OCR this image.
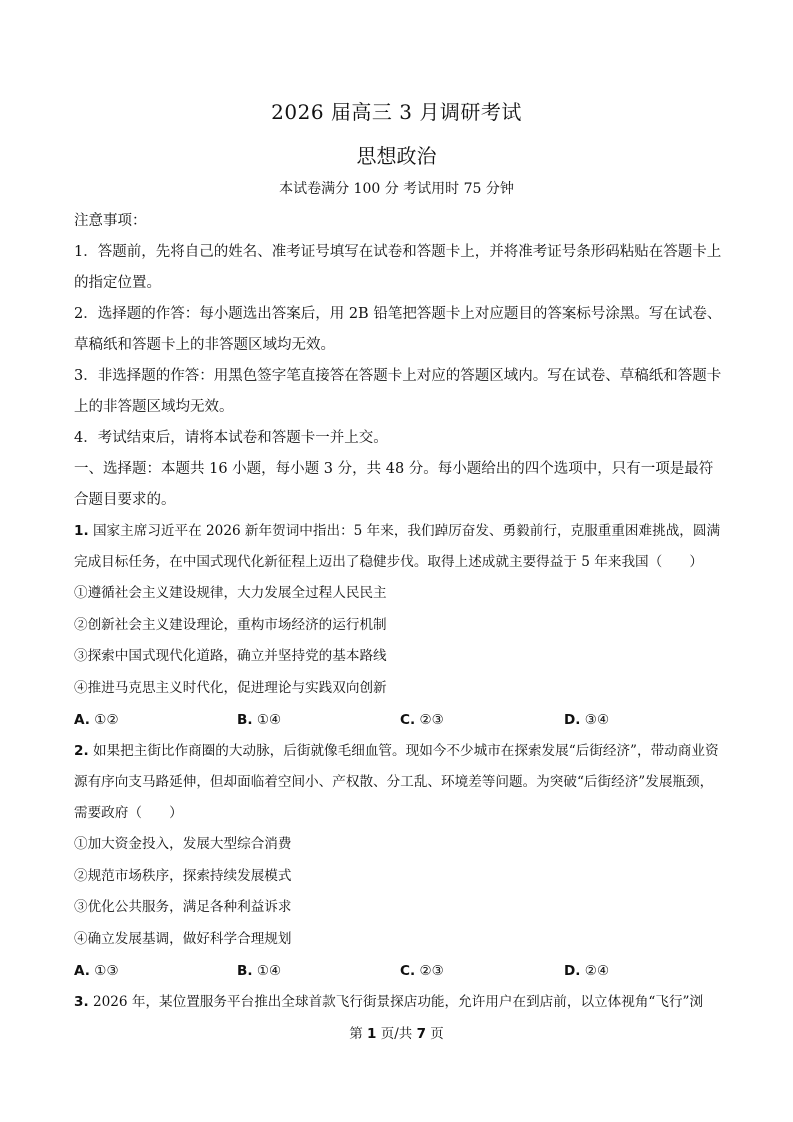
2026 届高三 3 月调研考试
思想政治
本试卷满分 100 分 考试用时 75 分钟
注意事项：

1．答题前，先将自己的姓名、准考证号填写在试卷和答题卡上，并将准考证号条形码粘贴在答题卡上的指定位置。

2．选择题的作答：每小题选出答案后，用 2B 铅笔把答题卡上对应题目的答案标号涂黑。写在试卷、草稿纸和答题卡上的非答题区域均无效。

3．非选择题的作答：用黑色签字笔直接答在答题卡上对应的答题区域内。写在试卷、草稿纸和答题卡上的非答题区域均无效。

4．考试结束后，请将本试卷和答题卡一并上交。

一、选择题：本题共 16 小题，每小题 3 分，共 48 分。每小题给出的四个选项中，只有一项是最符合题目要求的。

1. 国家主席习近平在 2026 新年贺词中指出：5 年来，我们踔厉奋发、勇毅前行，克服重重困难挑战，圆满完成目标任务，在中国式现代化新征程上迈出了稳健步伐。取得上述成就主要得益于 5 年来我国（　　）

①遵循社会主义建设规律，大力发展全过程人民民主
②创新社会主义建设理论，重构市场经济的运行机制
③探索中国式现代化道路，确立并坚持党的基本路线
④推进马克思主义时代化，促进理论与实践双向创新
A. ①②	B. ①④	C. ②③	D. ③④

2. 如果把主街比作商圈的大动脉，后街就像毛细血管。现如今不少城市在探索发展“后街经济”，带动商业资源有序向支马路延伸，但却面临着空间小、产权散、分工乱、环境差等问题。为突破“后街经济”发展瓶颈，需要政府（　　）

①加大资金投入，发展大型综合消费
②规范市场秩序，探索持续发展模式
③优化公共服务，满足各种利益诉求
④确立发展基调，做好科学合理规划
A. ①③	B. ①④	C. ②③	D. ②④

3. 2026 年，某位置服务平台推出全球首款飞行街景探店功能，允许用户在到店前，以立体视角“飞行”浏

第 1 页/共 7 页
